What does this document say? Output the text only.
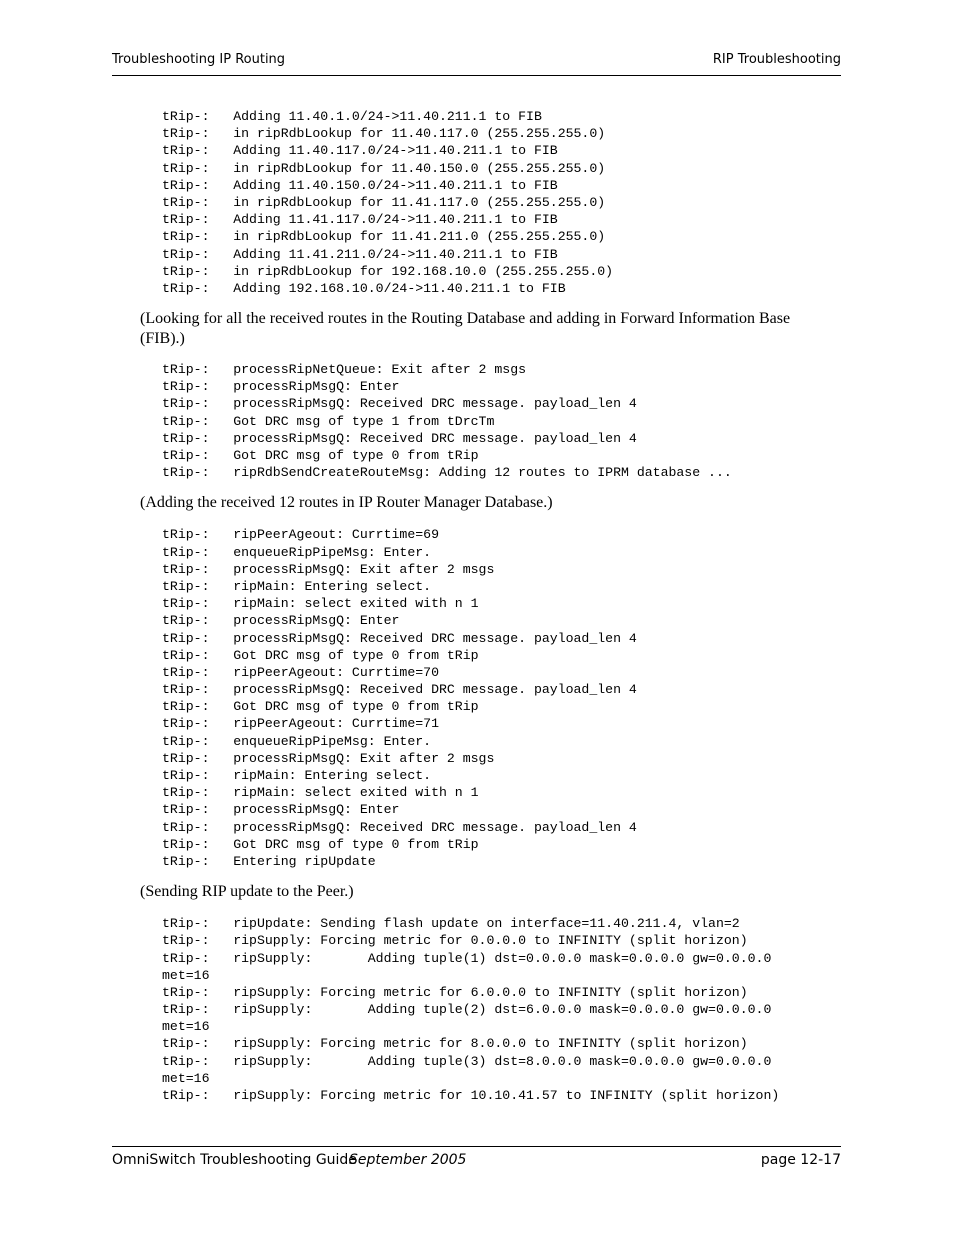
Troubleshooting IP Routing	RIP Troubleshooting
tRip-:   Adding 11.40.1.0/24->11.40.211.1 to FIB
tRip-:   in ripRdbLookup for 11.40.117.0 (255.255.255.0)
tRip-:   Adding 11.40.117.0/24->11.40.211.1 to FIB
tRip-:   in ripRdbLookup for 11.40.150.0 (255.255.255.0)
tRip-:   Adding 11.40.150.0/24->11.40.211.1 to FIB
tRip-:   in ripRdbLookup for 11.41.117.0 (255.255.255.0)
tRip-:   Adding 11.41.117.0/24->11.40.211.1 to FIB
tRip-:   in ripRdbLookup for 11.41.211.0 (255.255.255.0)
tRip-:   Adding 11.41.211.0/24->11.40.211.1 to FIB
tRip-:   in ripRdbLookup for 192.168.10.0 (255.255.255.0)
tRip-:   Adding 192.168.10.0/24->11.40.211.1 to FIB
(Looking for all the received routes in the Routing Database and adding in Forward Information Base (FIB).)
tRip-:   processRipNetQueue: Exit after 2 msgs
tRip-:   processRipMsgQ: Enter
tRip-:   processRipMsgQ: Received DRC message. payload_len 4
tRip-:   Got DRC msg of type 1 from tDrcTm
tRip-:   processRipMsgQ: Received DRC message. payload_len 4
tRip-:   Got DRC msg of type 0 from tRip
tRip-:   ripRdbSendCreateRouteMsg: Adding 12 routes to IPRM database ...
(Adding the received 12 routes in IP Router Manager Database.)
tRip-:   ripPeerAgeout: Currtime=69
tRip-:   enqueueRipPipeMsg: Enter.
tRip-:   processRipMsgQ: Exit after 2 msgs
tRip-:   ripMain: Entering select.
tRip-:   ripMain: select exited with n 1
tRip-:   processRipMsgQ: Enter
tRip-:   processRipMsgQ: Received DRC message. payload_len 4
tRip-:   Got DRC msg of type 0 from tRip
tRip-:   ripPeerAgeout: Currtime=70
tRip-:   processRipMsgQ: Received DRC message. payload_len 4
tRip-:   Got DRC msg of type 0 from tRip
tRip-:   ripPeerAgeout: Currtime=71
tRip-:   enqueueRipPipeMsg: Enter.
tRip-:   processRipMsgQ: Exit after 2 msgs
tRip-:   ripMain: Entering select.
tRip-:   ripMain: select exited with n 1
tRip-:   processRipMsgQ: Enter
tRip-:   processRipMsgQ: Received DRC message. payload_len 4
tRip-:   Got DRC msg of type 0 from tRip
tRip-:   Entering ripUpdate
(Sending RIP update to the Peer.)
tRip-:   ripUpdate: Sending flash update on interface=11.40.211.4, vlan=2
tRip-:   ripSupply: Forcing metric for 0.0.0.0 to INFINITY (split horizon)
tRip-:   ripSupply:       Adding tuple(1) dst=0.0.0.0 mask=0.0.0.0 gw=0.0.0.0
met=16
tRip-:   ripSupply: Forcing metric for 6.0.0.0 to INFINITY (split horizon)
tRip-:   ripSupply:       Adding tuple(2) dst=6.0.0.0 mask=0.0.0.0 gw=0.0.0.0
met=16
tRip-:   ripSupply: Forcing metric for 8.0.0.0 to INFINITY (split horizon)
tRip-:   ripSupply:       Adding tuple(3) dst=8.0.0.0 mask=0.0.0.0 gw=0.0.0.0
met=16
tRip-:   ripSupply: Forcing metric for 10.10.41.57 to INFINITY (split horizon)
OmniSwitch Troubleshooting Guide
September 2005	page 12-17
